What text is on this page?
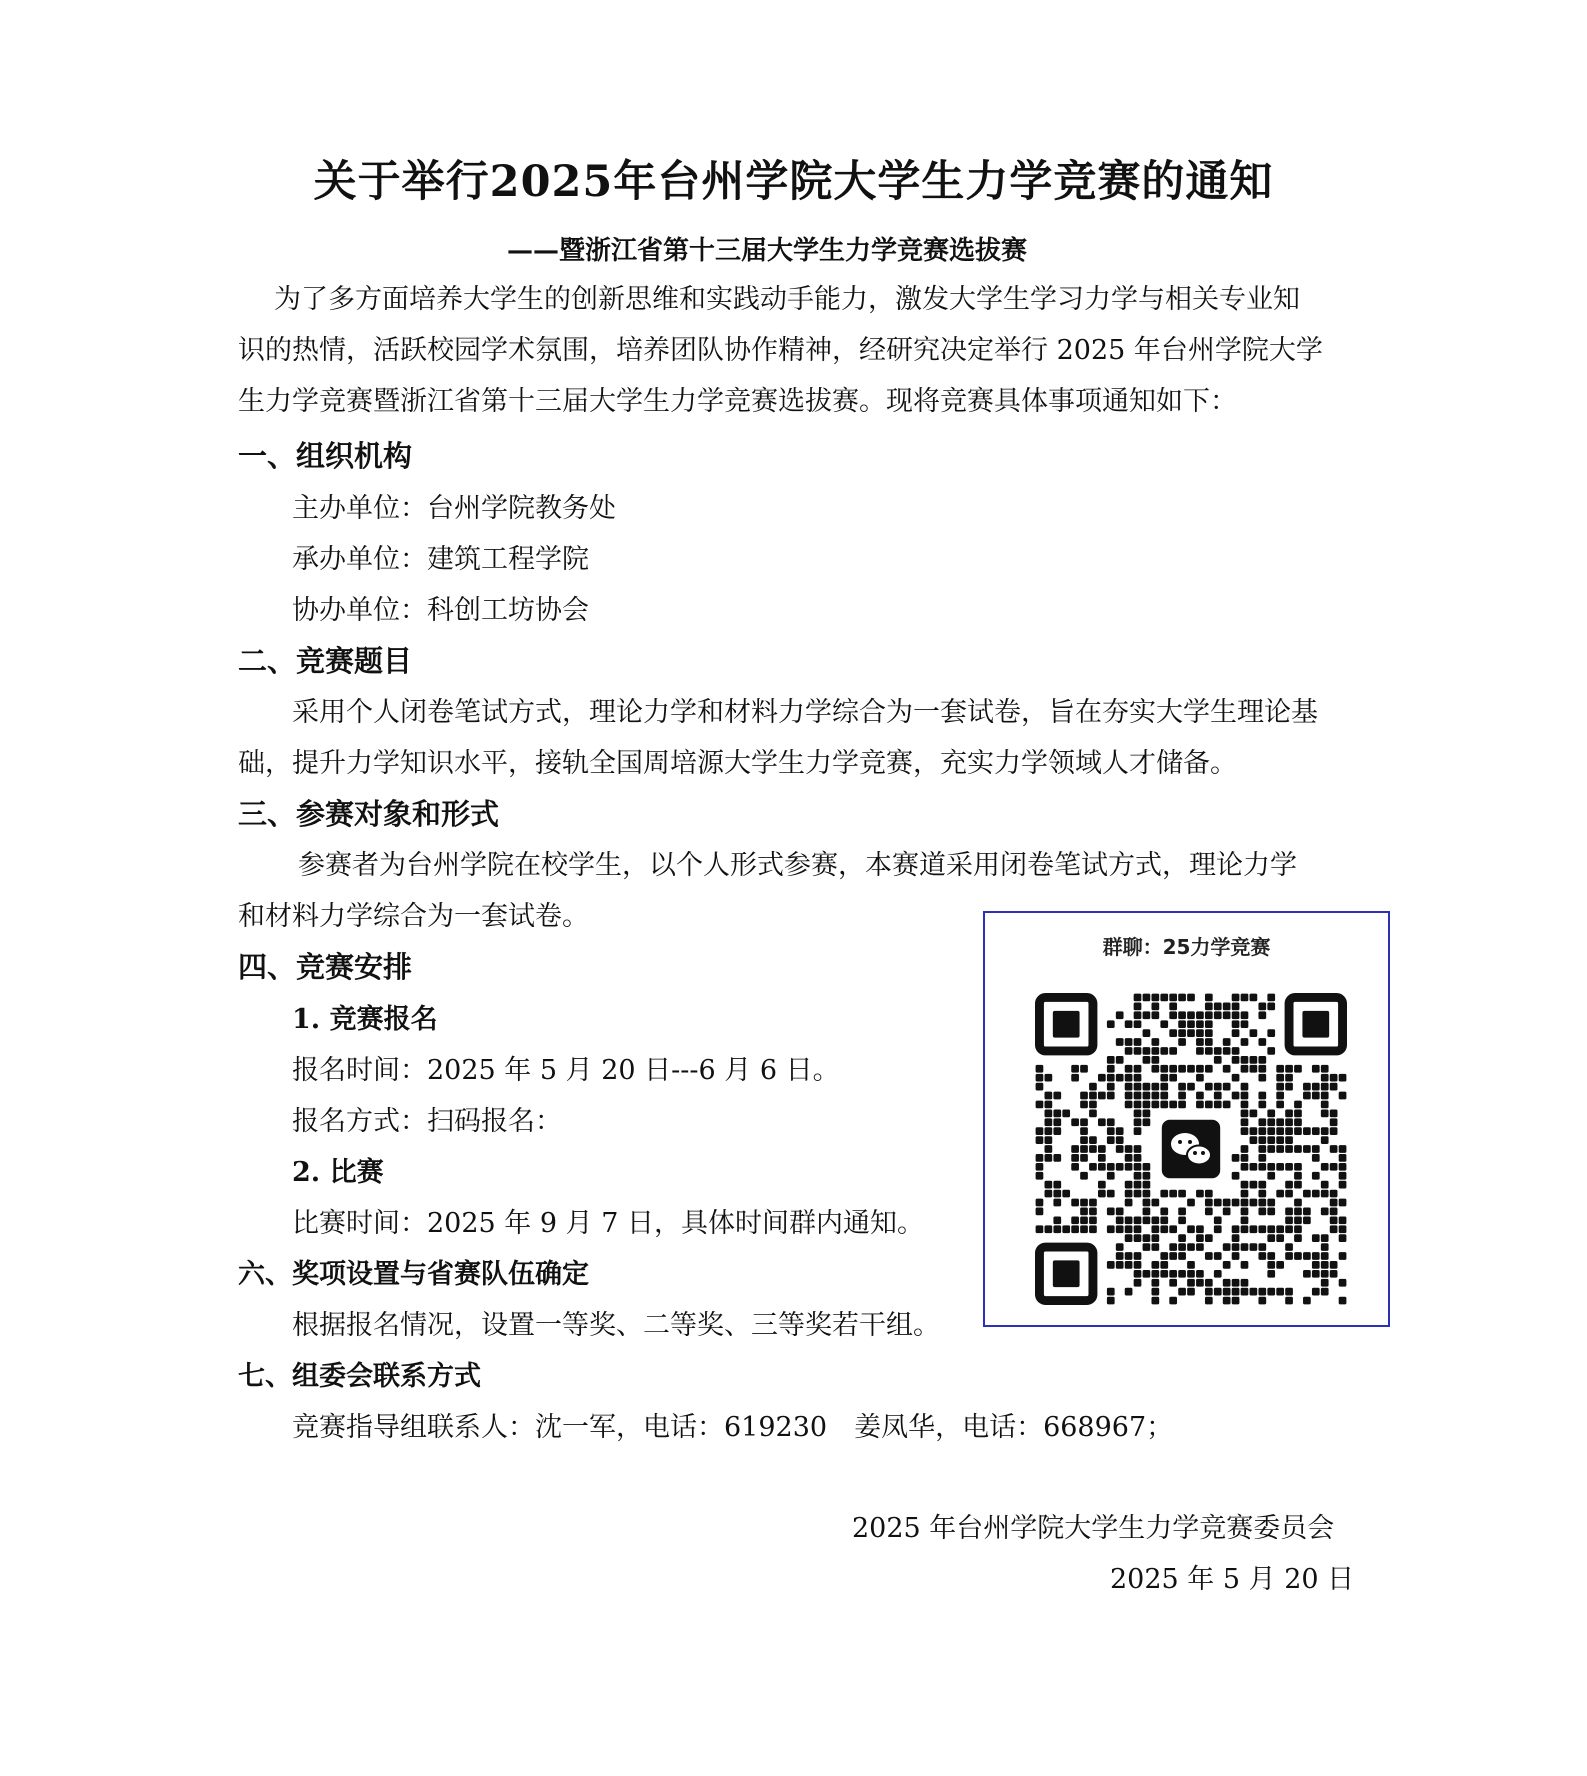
关于举行2025年台州学院大学生力学竞赛的通知
——暨浙江省第十三届大学生力学竞赛选拔赛

为了多方面培养大学生的创新思维和实践动手能力，激发大学生学习力学与相关专业知

识的热情，活跃校园学术氛围，培养团队协作精神，经研究决定举行 2025 年台州学院大学

生力学竞赛暨浙江省第十三届大学生力学竞赛选拔赛。现将竞赛具体事项通知如下：

一、组织机构
主办单位：台州学院教务处
承办单位：建筑工程学院
协办单位：科创工坊协会
二、竞赛题目
采用个人闭卷笔试方式，理论力学和材料力学综合为一套试卷，旨在夯实大学生理论基
础，提升力学知识水平，接轨全国周培源大学生力学竞赛，充实力学领域人才储备。
三、参赛对象和形式
参赛者为台州学院在校学生，以个人形式参赛，本赛道采用闭卷笔试方式，理论力学
和材料力学综合为一套试卷。
四、竞赛安排
1. 竞赛报名
报名时间：2025 年 5 月 20 日---6 月 6 日。
报名方式：扫码报名：
2. 比赛
比赛时间：2025 年 9 月 7 日，具体时间群内通知。
六、奖项设置与省赛队伍确定
根据报名情况，设置一等奖、二等奖、三等奖若干组。
七、组委会联系方式
竞赛指导组联系人：沈一军，电话：619230　姜凤华，电话：668967；
2025 年台州学院大学生力学竞赛委员会
2025 年 5 月 20 日
群聊：25力学竞赛
